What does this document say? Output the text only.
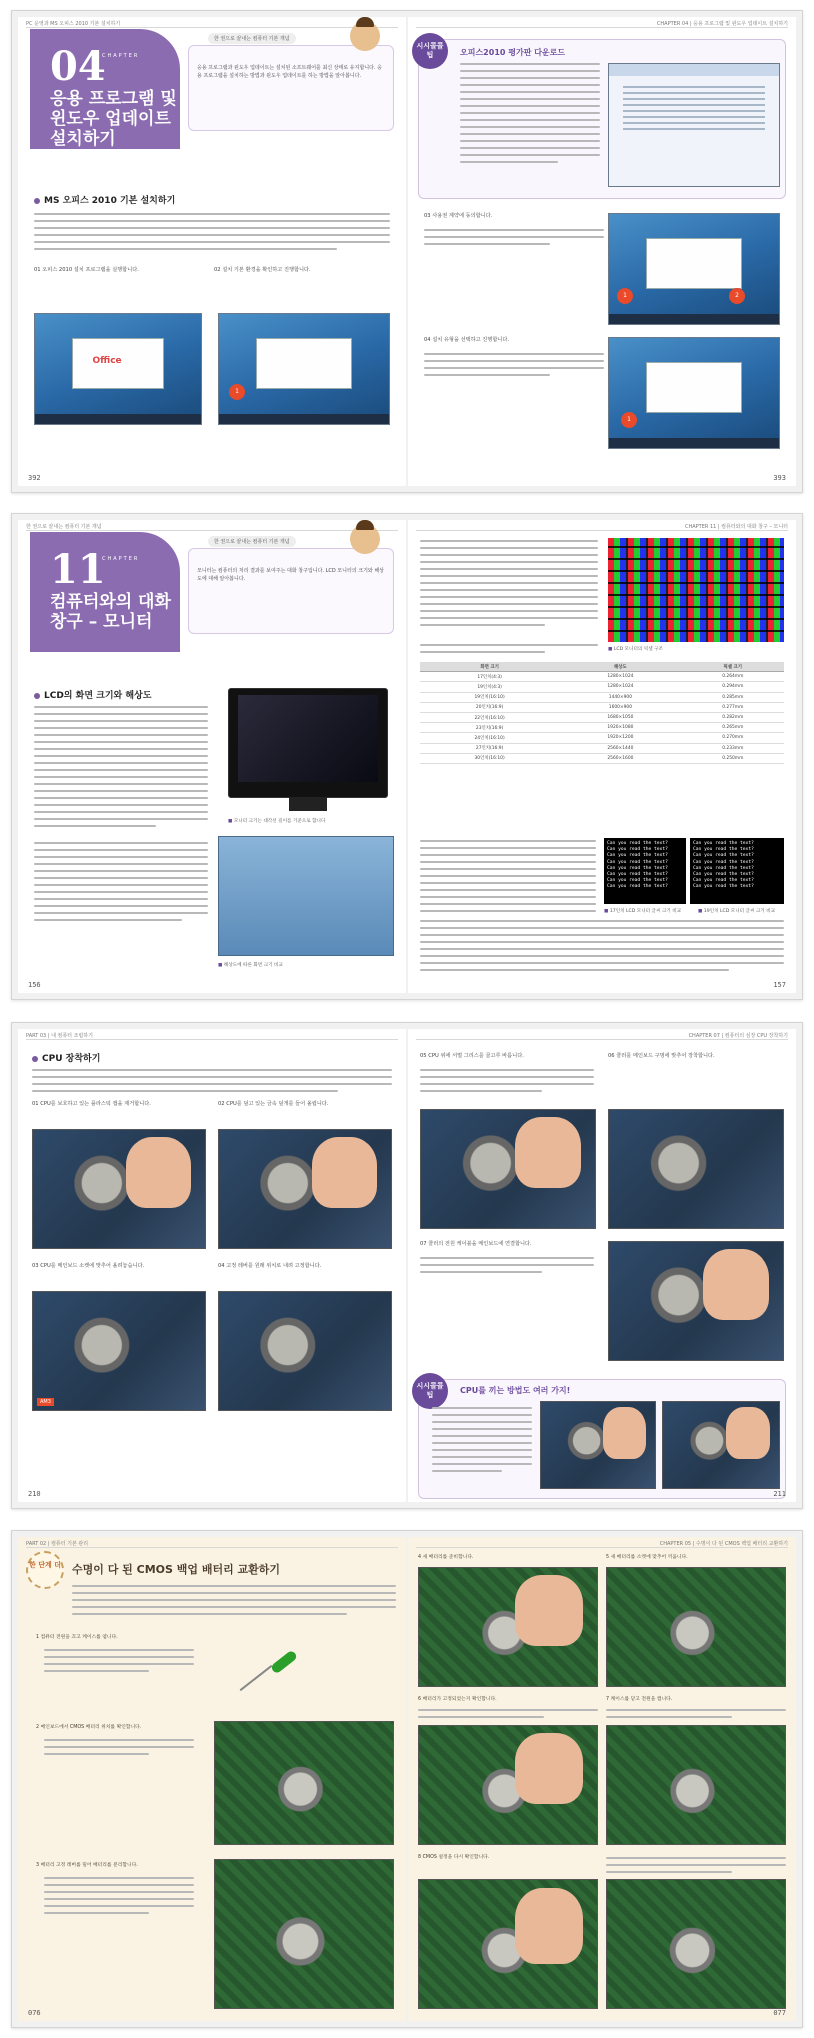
PC 운영과 MS 오피스 2010 기본 설치하기
04
CHAPTER
응용 프로그램 및 윈도우 업데이트 설치하기
응용 프로그램과 윈도우 업데이트는 설치된 소프트웨어를 최신 상태로 유지합니다. 응용 프로그램을 설치하는 방법과 윈도우 업데이트를 하는 방법을 알아봅니다.
한 권으로 끝내는 컴퓨터 기본 개념
MS 오피스 2010 기본 설치하기
01 오피스 2010 설치 프로그램을 실행합니다.	02 설치 기본 환경을 확인하고 진행합니다.
Office
1
392
CHAPTER 04 | 응용 프로그램 및 윈도우 업데이트 설치하기
시시콜콜 팁	오피스2010 평가판 다운로드
03 사용권 계약에 동의합니다.
1	2
04 설치 유형을 선택하고 진행합니다.
1
393
한 권으로 끝내는 컴퓨터 기본 개념
11
CHAPTER
컴퓨터와의 대화 창구 – 모니터
모니터는 컴퓨터의 처리 결과를 보여주는 대화 창구입니다. LCD 모니터의 크기와 해상도에 대해 알아봅니다.
한 권으로 끝내는 컴퓨터 기본 개념
LCD의 화면 크기와 해상도
■ 모니터 크기는 대각선 길이를 기준으로 합니다
■ 해상도에 따른 화면 크기 비교
156
CHAPTER 11 | 컴퓨터와의 대화 창구 – 모니터
■ LCD 모니터의 픽셀 구조
화면 크기	해상도	픽셀 크기
17인치(4:3)	1280×1024	0.264mm
19인치(4:3)	1280×1024	0.294mm
19인치(16:10)	1440×900	0.285mm
20인치(16:9)	1600×900	0.277mm
22인치(16:10)	1680×1050	0.282mm
23인치(16:9)	1920×1080	0.265mm
24인치(16:10)	1920×1200	0.270mm
27인치(16:9)	2560×1440	0.233mm
30인치(16:10)	2560×1600	0.250mm
Can you read the text?
Can you read the text?
Can you read the text?
Can you read the text?
Can you read the text?
Can you read the text?
Can you read the text?
Can you read the text?
Can you read the text?
Can you read the text?
Can you read the text?
Can you read the text?
Can you read the text?
Can you read the text?
Can you read the text?
Can you read the text?
■ 17인치 LCD 모니터 글씨 크기 비교	■ 19인치 LCD 모니터 글씨 크기 비교
157
PART 03 | 내 컴퓨터 조립하기
CPU 장착하기
01 CPU를 보호하고 있는 플라스틱 캡을 제거합니다.	02 CPU를 덮고 있는 금속 덮개를 들어 올립니다.
03 CPU를 메인보드 소켓에 맞추어 올려놓습니다.	04 고정 레버를 원래 위치로 내려 고정합니다.
AM3
210
CHAPTER 07 | 컴퓨터의 심장 CPU 장착하기
05 CPU 위에 서멀 그리스를 골고루 바릅니다.	06 쿨러를 메인보드 구멍에 맞추어 장착합니다.
07 쿨러의 전원 케이블을 메인보드에 연결합니다.
시시콜콜 팁	CPU를 끼는 방법도 여러 가지!
211
PART 02 | 컴퓨터 기본 관리
한 단계 더 수명이 다 된 CMOS 백업 배터리 교환하기
1 컴퓨터 전원을 끄고 케이스를 엽니다.
2 메인보드에서 CMOS 배터리 위치를 확인합니다.
3 배터리 고정 레버를 밀어 배터리를 분리합니다.
076
CHAPTER 05 | 수명이 다 된 CMOS 백업 배터리 교환하기
4 새 배터리를 준비합니다.	5 새 배터리를 소켓에 맞추어 끼웁니다.
6 배터리가 고정되었는지 확인합니다.	7 케이스를 닫고 전원을 켭니다.
8 CMOS 설정을 다시 확인합니다.
077
